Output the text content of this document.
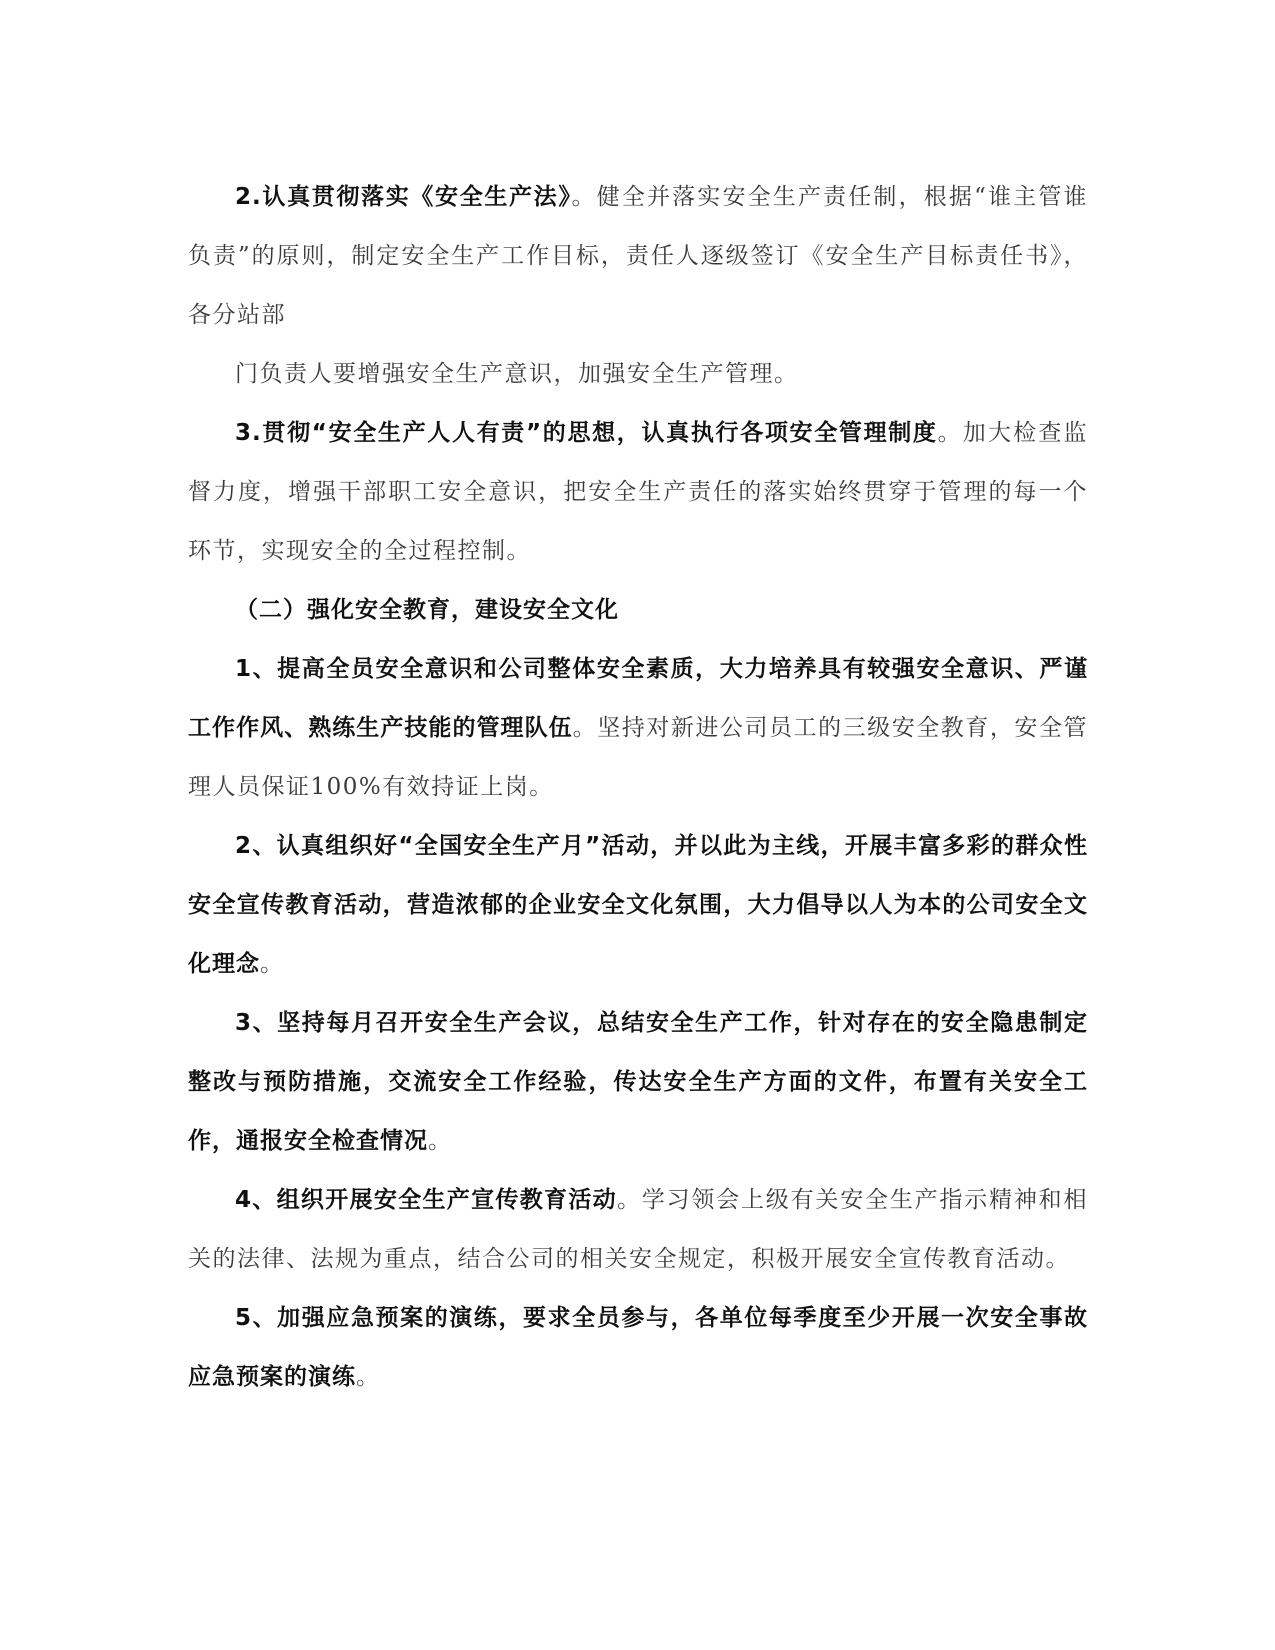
2.认真贯彻落实《安全生产法》。健全并落实安全生产责任制，根据“谁主管谁负责”的原则，制定安全生产工作目标，责任人逐级签订《安全生产目标责任书》，各分站部

门负责人要增强安全生产意识，加强安全生产管理。

3.贯彻“安全生产人人有责”的思想，认真执行各项安全管理制度。加大检查监督力度，增强干部职工安全意识，把安全生产责任的落实始终贯穿于管理的每一个环节，实现安全的全过程控制。

（二）强化安全教育，建设安全文化

1、提高全员安全意识和公司整体安全素质，大力培养具有较强安全意识、严谨工作作风、熟练生产技能的管理队伍。坚持对新进公司员工的三级安全教育，安全管理人员保证100%有效持证上岗。

2、认真组织好“全国安全生产月”活动，并以此为主线，开展丰富多彩的群众性安全宣传教育活动，营造浓郁的企业安全文化氛围，大力倡导以人为本的公司安全文化理念。

3、坚持每月召开安全生产会议，总结安全生产工作，针对存在的安全隐患制定整改与预防措施，交流安全工作经验，传达安全生产方面的文件，布置有关安全工作，通报安全检查情况。

4、组织开展安全生产宣传教育活动。学习领会上级有关安全生产指示精神和相关的法律、法规为重点，结合公司的相关安全规定，积极开展安全宣传教育活动。

5、加强应急预案的演练，要求全员参与，各单位每季度至少开展一次安全事故应急预案的演练。
